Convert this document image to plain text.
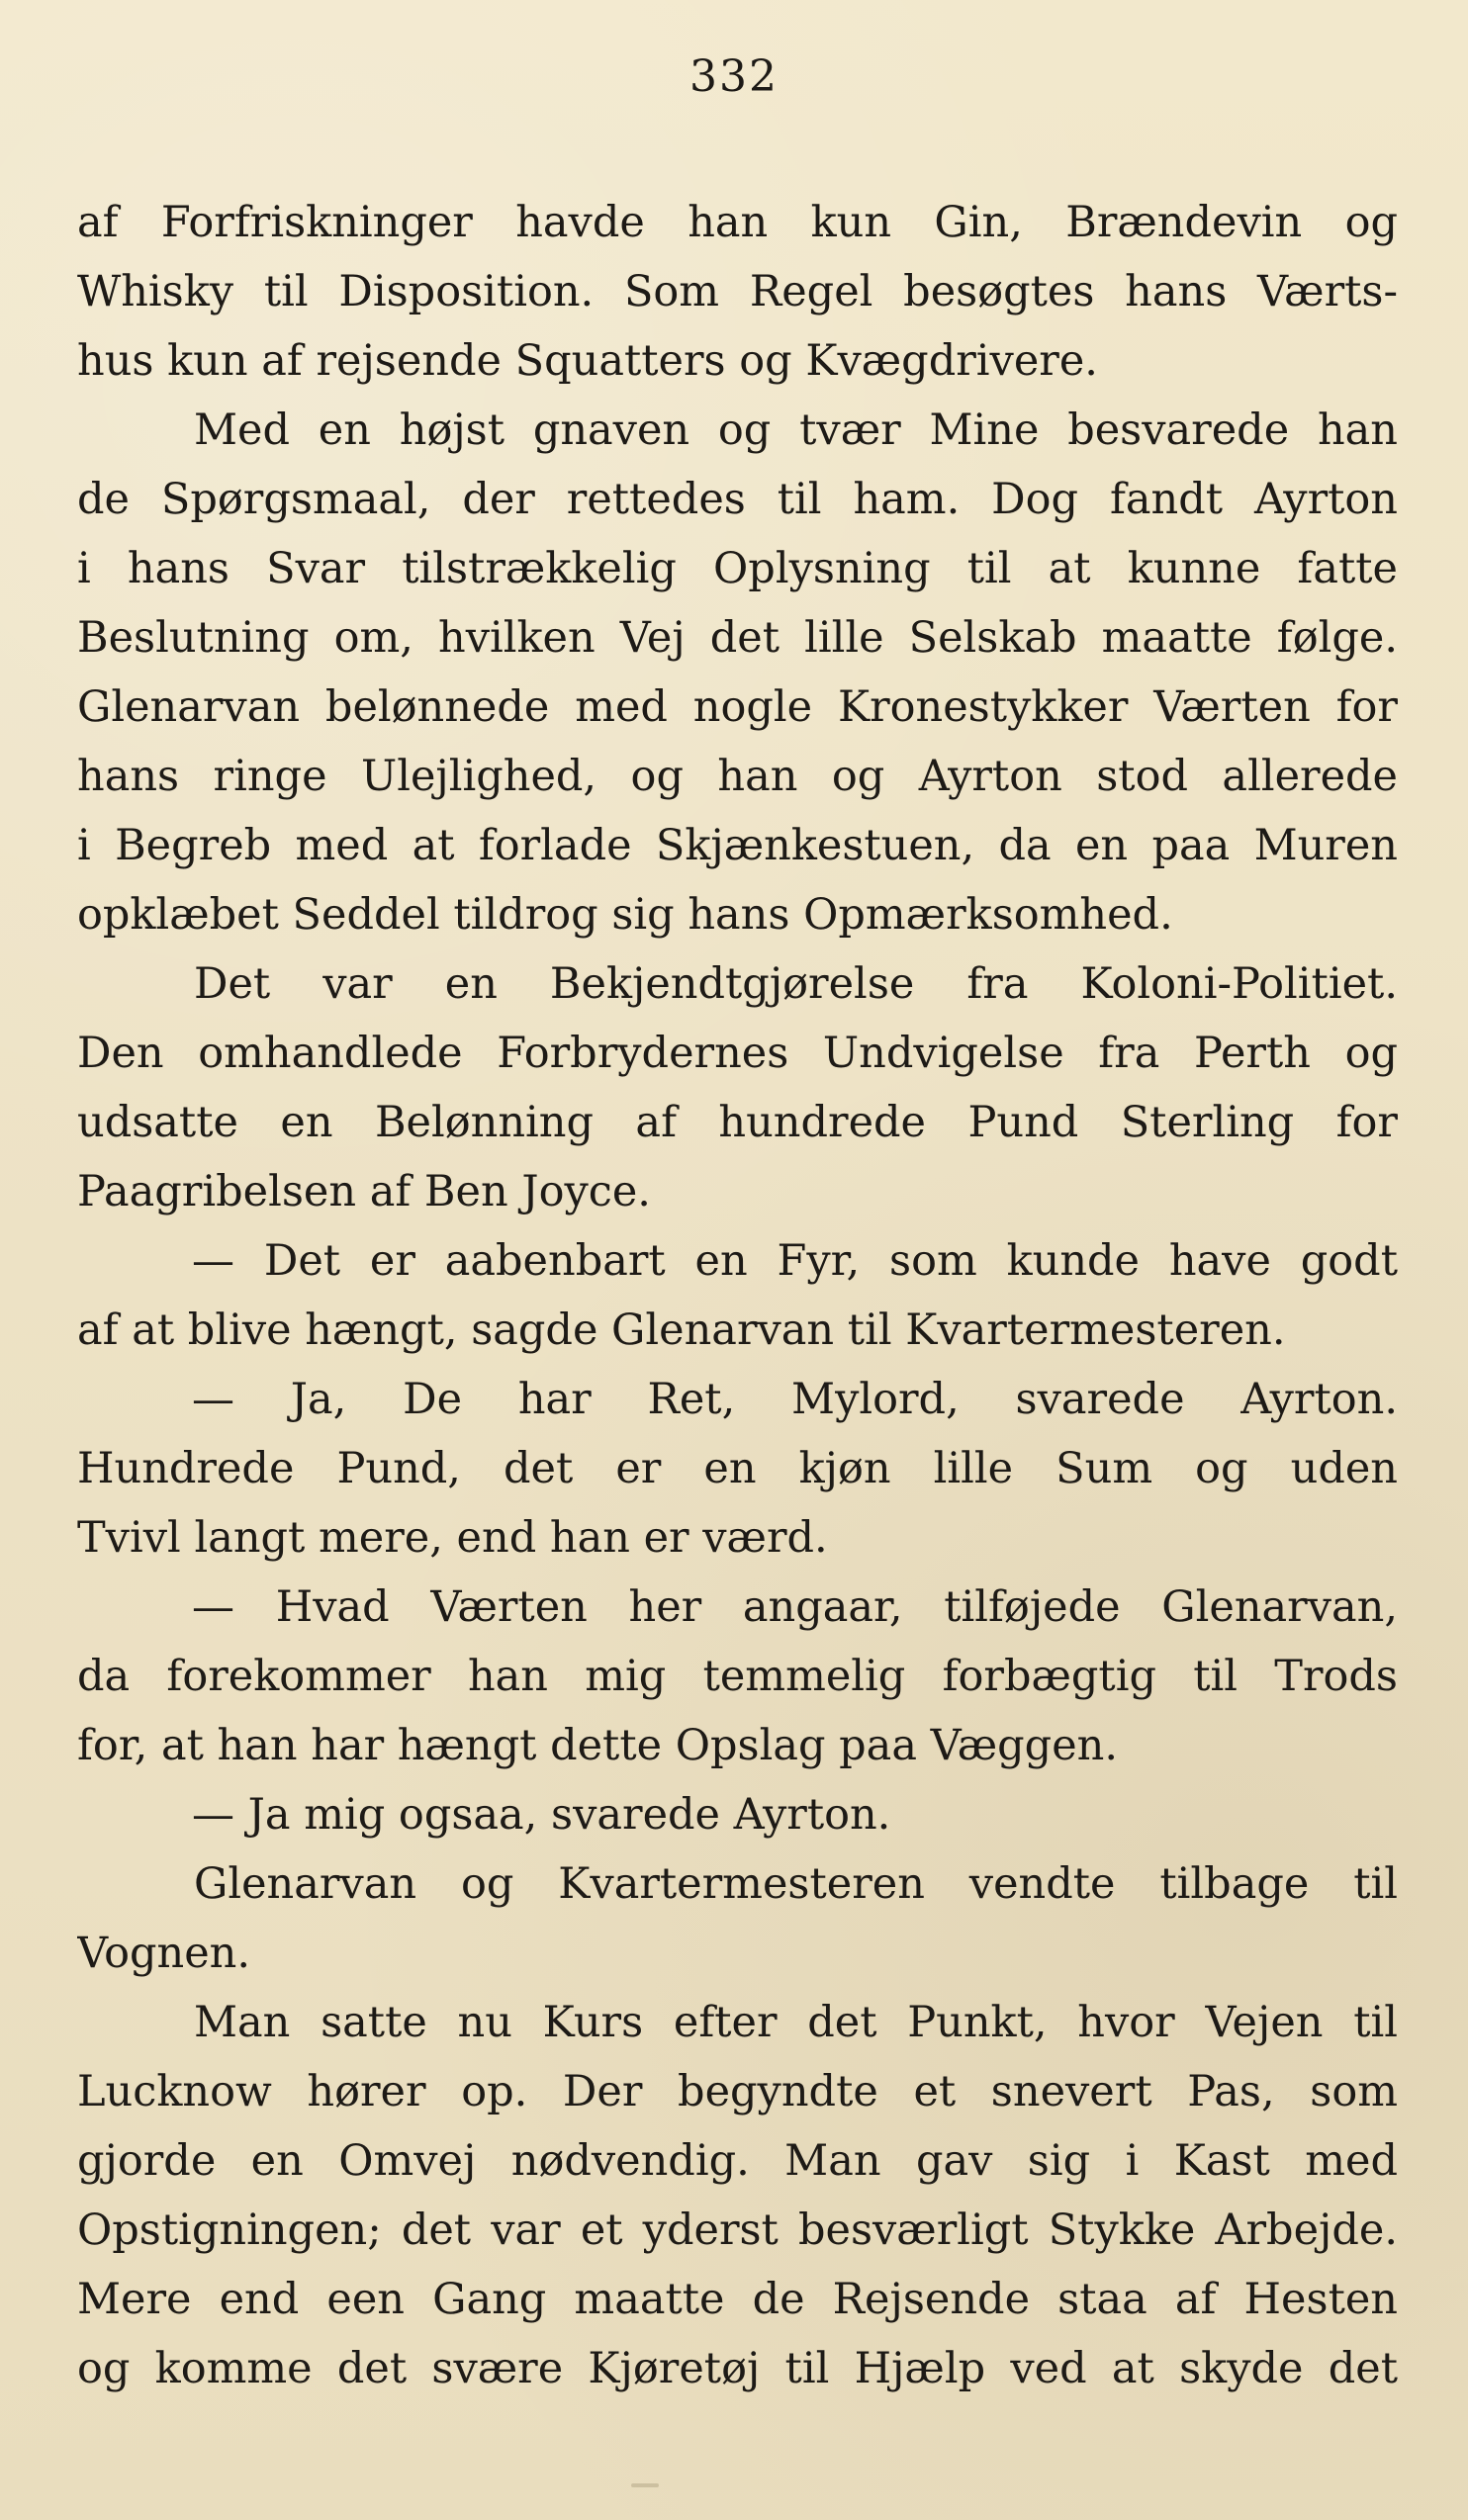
332
af Forfriskninger havde han kun Gin, Brændevin og
Whisky til Disposition. Som Regel besøgtes hans Værts-
hus kun af rejsende Squatters og Kvægdrivere.
Med en højst gnaven og tvær Mine besvarede han
de Spørgsmaal, der rettedes til ham. Dog fandt Ayrton
i hans Svar tilstrækkelig Oplysning til at kunne fatte
Beslutning om, hvilken Vej det lille Selskab maatte følge.
Glenarvan belønnede med nogle Kronestykker Værten for
hans ringe Ulejlighed, og han og Ayrton stod allerede
i Begreb med at forlade Skjænkestuen, da en paa Muren
opklæbet Seddel tildrog sig hans Opmærksomhed.
Det var en Bekjendtgjørelse fra Koloni-Politiet.
Den omhandlede Forbrydernes Undvigelse fra Perth og
udsatte en Belønning af hundrede Pund Sterling for
Paagribelsen af Ben Joyce.
— Det er aabenbart en Fyr, som kunde have godt
af at blive hængt, sagde Glenarvan til Kvartermesteren.
— Ja, De har Ret, Mylord, svarede Ayrton.
Hundrede Pund, det er en kjøn lille Sum og uden
Tvivl langt mere, end han er værd.
— Hvad Værten her angaar, tilføjede Glenarvan,
da forekommer han mig temmelig forbægtig til Trods
for, at han har hængt dette Opslag paa Væggen.
— Ja mig ogsaa, svarede Ayrton.
Glenarvan og Kvartermesteren vendte tilbage til
Vognen.
Man satte nu Kurs efter det Punkt, hvor Vejen til
Lucknow hører op. Der begyndte et snevert Pas, som
gjorde en Omvej nødvendig. Man gav sig i Kast med
Opstigningen; det var et yderst besværligt Stykke Arbejde.
Mere end een Gang maatte de Rejsende staa af Hesten
og komme det svære Kjøretøj til Hjælp ved at skyde det
